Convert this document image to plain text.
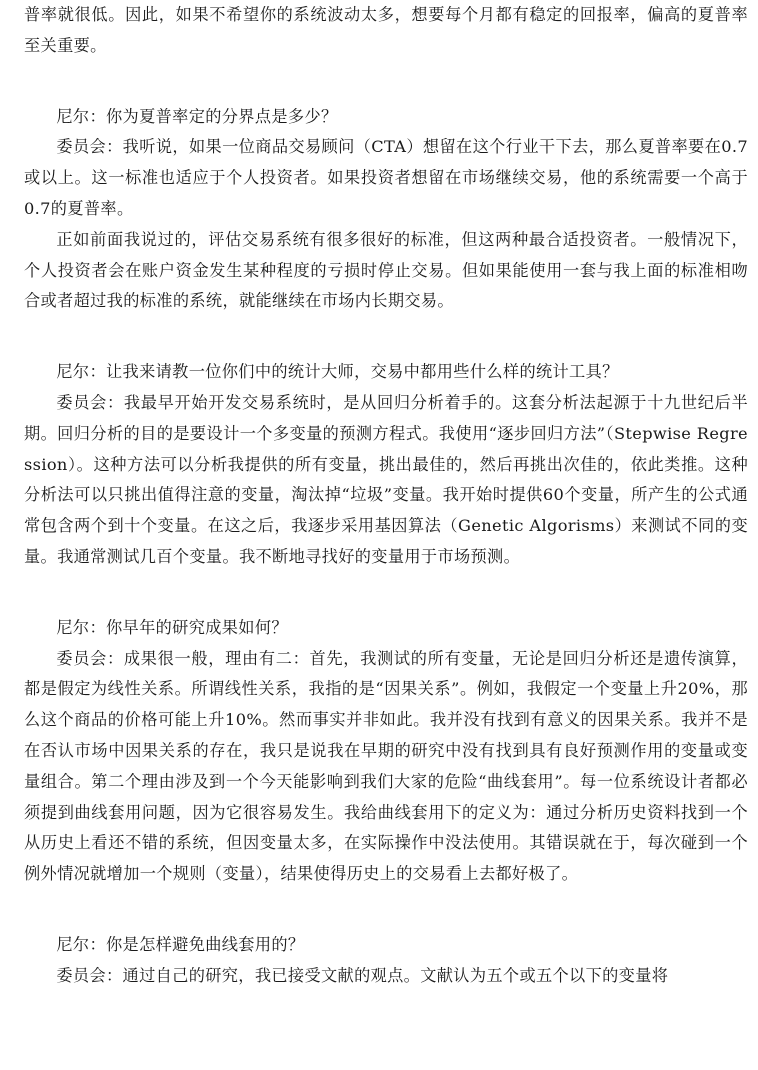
普率就很低。因此，如果不希望你的系统波动太多，想要每个月都有稳定的回报率，偏高的夏普率至关重要。

尼尔：你为夏普率定的分界点是多少？

委员会：我听说，如果一位商品交易顾问（CTA）想留在这个行业干下去，那么夏普率要在0.7或以上。这一标准也适应于个人投资者。如果投资者想留在市场继续交易，他的系统需要一个高于0.7的夏普率。

正如前面我说过的，评估交易系统有很多很好的标准，但这两种最合适投资者。一般情况下，个人投资者会在账户资金发生某种程度的亏损时停止交易。但如果能使用一套与我上面的标准相吻合或者超过我的标准的系统，就能继续在市场内长期交易。

尼尔：让我来请教一位你们中的统计大师，交易中都用些什么样的统计工具？

委员会：我最早开始开发交易系统时，是从回归分析着手的。这套分析法起源于十九世纪后半期。回归分析的目的是要设计一个多变量的预测方程式。我使用“逐步回归方法”（Stepwise Regression）。这种方法可以分析我提供的所有变量，挑出最佳的，然后再挑出次佳的，依此类推。这种分析法可以只挑出值得注意的变量，淘汰掉“垃圾”变量。我开始时提供60个变量，所产生的公式通常包含两个到十个变量。在这之后，我逐步采用基因算法（Genetic Algorisms）来测试不同的变量。我通常测试几百个变量。我不断地寻找好的变量用于市场预测。

尼尔：你早年的研究成果如何？

委员会：成果很一般，理由有二：首先，我测试的所有变量，无论是回归分析还是遗传演算，都是假定为线性关系。所谓线性关系，我指的是“因果关系”。例如，我假定一个变量上升20%，那么这个商品的价格可能上升10%。然而事实并非如此。我并没有找到有意义的因果关系。我并不是在否认市场中因果关系的存在，我只是说我在早期的研究中没有找到具有良好预测作用的变量或变量组合。第二个理由涉及到一个今天能影响到我们大家的危险“曲线套用”。每一位系统设计者都必须提到曲线套用问题，因为它很容易发生。我给曲线套用下的定义为：通过分析历史资料找到一个从历史上看还不错的系统，但因变量太多，在实际操作中没法使用。其错误就在于，每次碰到一个例外情况就增加一个规则（变量），结果使得历史上的交易看上去都好极了。

尼尔：你是怎样避免曲线套用的？

委员会：通过自己的研究，我已接受文献的观点。文献认为五个或五个以下的变量将
